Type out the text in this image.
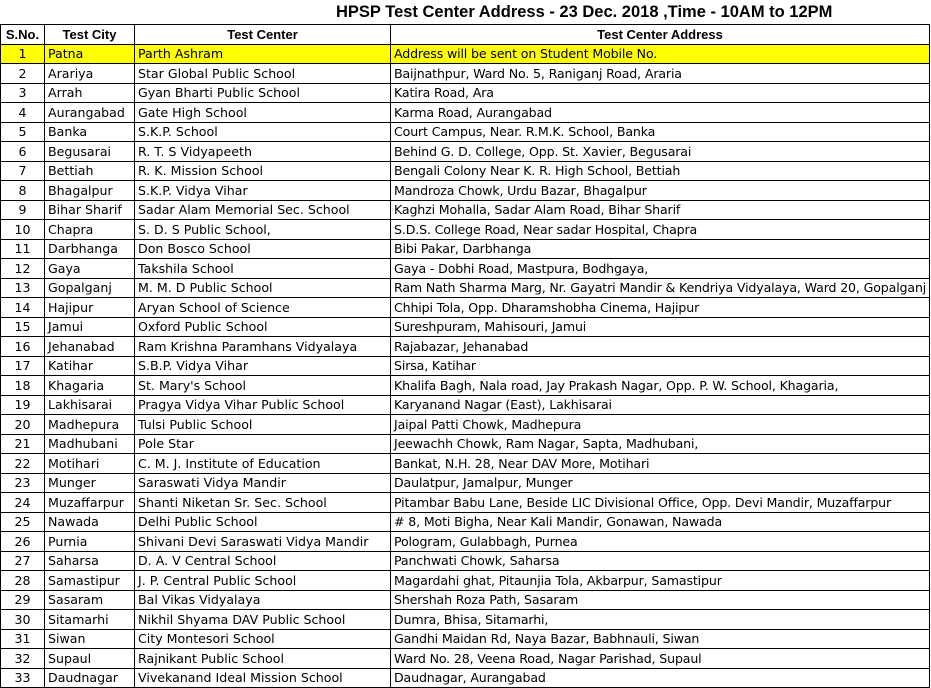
HPSP Test Center Address - 23 Dec. 2018 ,Time - 10AM to 12PM
S.No.	Test City	Test Center	Test Center Address
1	Patna	Parth Ashram	Address will be sent on Student Mobile No.
2	Arariya	Star Global Public School	Baijnathpur, Ward No. 5, Raniganj Road, Araria
3	Arrah	Gyan Bharti Public School	Katira Road, Ara
4	Aurangabad	Gate High School	Karma Road, Aurangabad
5	Banka	S.K.P. School	Court Campus, Near. R.M.K. School, Banka
6	Begusarai	R. T. S Vidyapeeth	Behind G. D. College, Opp. St. Xavier, Begusarai
7	Bettiah	R. K. Mission School	Bengali Colony Near K. R. High School, Bettiah
8	Bhagalpur	S.K.P. Vidya Vihar	Mandroza Chowk, Urdu Bazar, Bhagalpur
9	Bihar Sharif	Sadar Alam Memorial Sec. School	Kaghzi Mohalla, Sadar Alam Road, Bihar Sharif
10	Chapra	S. D. S Public School,	S.D.S. College Road, Near sadar Hospital, Chapra
11	Darbhanga	Don Bosco School	Bibi Pakar, Darbhanga
12	Gaya	Takshila School	Gaya - Dobhi Road, Mastpura, Bodhgaya,
13	Gopalganj	M. M. D Public School	Ram Nath Sharma Marg, Nr. Gayatri Mandir & Kendriya Vidyalaya, Ward 20, Gopalganj
14	Hajipur	Aryan School of Science	Chhipi Tola, Opp. Dharamshobha Cinema, Hajipur
15	Jamui	Oxford Public School	Sureshpuram, Mahisouri, Jamui
16	Jehanabad	Ram Krishna Paramhans Vidyalaya	Rajabazar, Jehanabad
17	Katihar	S.B.P. Vidya Vihar	Sirsa, Katihar
18	Khagaria	St. Mary's School	Khalifa Bagh, Nala road, Jay Prakash Nagar, Opp. P. W. School, Khagaria,
19	Lakhisarai	Pragya Vidya Vihar Public School	Karyanand Nagar (East), Lakhisarai
20	Madhepura	Tulsi Public School	Jaipal Patti Chowk, Madhepura
21	Madhubani	Pole Star	Jeewachh Chowk, Ram Nagar, Sapta, Madhubani,
22	Motihari	C. M. J. Institute of Education	Bankat, N.H. 28, Near DAV More, Motihari
23	Munger	Saraswati Vidya Mandir	Daulatpur, Jamalpur, Munger
24	Muzaffarpur	Shanti Niketan Sr. Sec. School	Pitambar Babu Lane, Beside LIC Divisional Office, Opp. Devi Mandir, Muzaffarpur
25	Nawada	Delhi Public School	# 8, Moti Bigha, Near Kali Mandir, Gonawan, Nawada
26	Purnia	Shivani Devi Saraswati Vidya Mandir	Pologram, Gulabbagh, Purnea
27	Saharsa	D. A. V Central School	Panchwati Chowk, Saharsa
28	Samastipur	J. P. Central Public School	Magardahi ghat, Pitaunjia Tola, Akbarpur, Samastipur
29	Sasaram	Bal Vikas Vidyalaya	Shershah Roza Path, Sasaram
30	Sitamarhi	Nikhil Shyama DAV Public School	Dumra, Bhisa, Sitamarhi,
31	Siwan	City Montesori School	Gandhi Maidan Rd, Naya Bazar, Babhnauli, Siwan
32	Supaul	Rajnikant Public School	Ward No. 28, Veena Road, Nagar Parishad, Supaul
33	Daudnagar	Vivekanand Ideal Mission School	Daudnagar, Aurangabad
